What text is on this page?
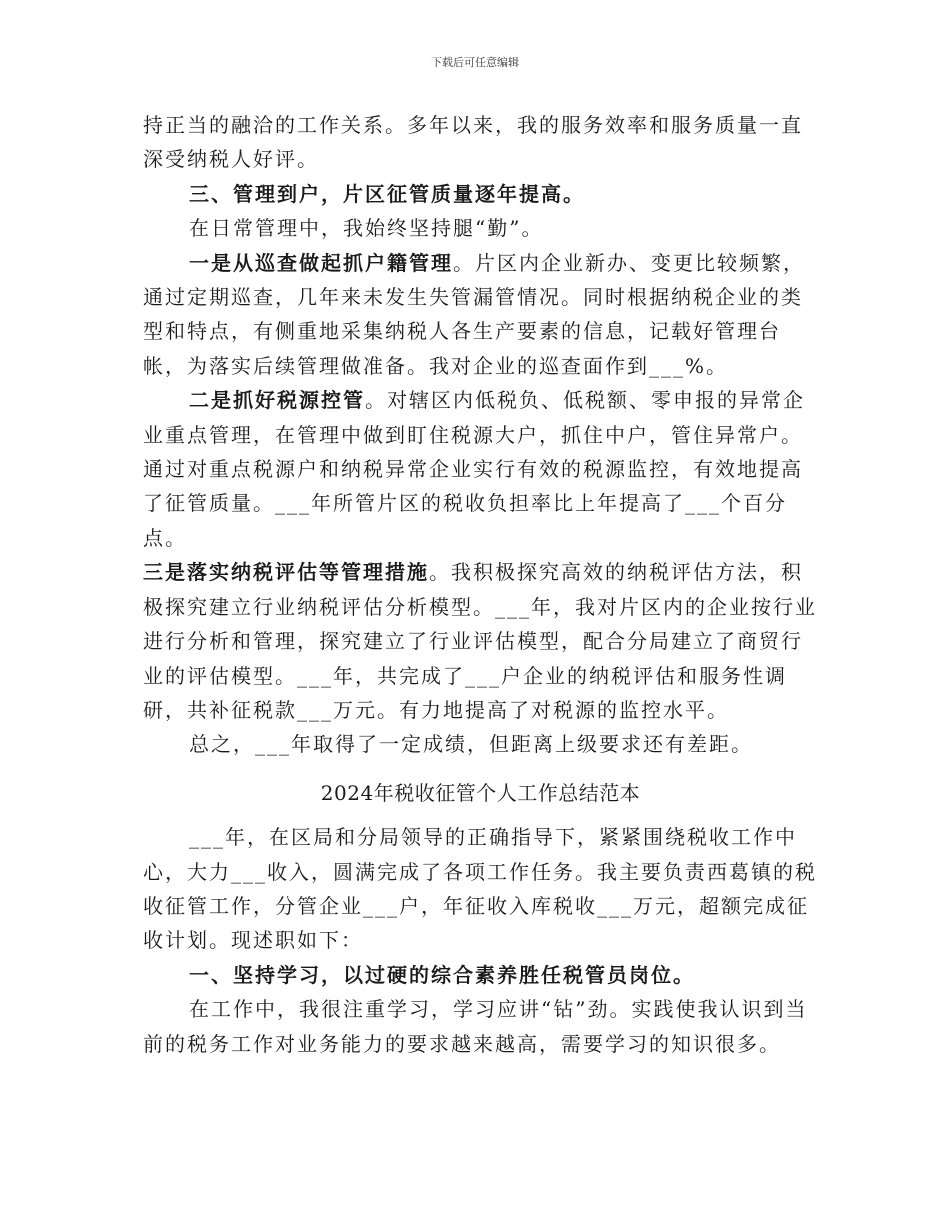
下载后可任意编辑

持正当的融洽的工作关系。多年以来，我的服务效率和服务质量一直深受纳税人好评。

三、管理到户，片区征管质量逐年提高。

在日常管理中，我始终坚持腿“勤”。

一是从巡查做起抓户籍管理。片区内企业新办、变更比较频繁，通过定期巡查，几年来未发生失管漏管情况。同时根据纳税企业的类型和特点，有侧重地采集纳税人各生产要素的信息，记载好管理台帐，为落实后续管理做准备。我对企业的巡查面作到___%。

二是抓好税源控管。对辖区内低税负、低税额、零申报的异常企业重点管理，在管理中做到盯住税源大户，抓住中户，管住异常户。通过对重点税源户和纳税异常企业实行有效的税源监控，有效地提高了征管质量。___年所管片区的税收负担率比上年提高了___个百分点。

三是落实纳税评估等管理措施。我积极探究高效的纳税评估方法，积极探究建立行业纳税评估分析模型。___年，我对片区内的企业按行业进行分析和管理，探究建立了行业评估模型，配合分局建立了商贸行业的评估模型。___年，共完成了___户企业的纳税评估和服务性调研，共补征税款___万元。有力地提高了对税源的监控水平。

总之，___年取得了一定成绩，但距离上级要求还有差距。

2024年税收征管个人工作总结范本

___年，在区局和分局领导的正确指导下，紧紧围绕税收工作中心，大力___收入，圆满完成了各项工作任务。我主要负责西葛镇的税收征管工作，分管企业___户，年征收入库税收___万元，超额完成征收计划。现述职如下：

一、坚持学习，以过硬的综合素养胜任税管员岗位。

在工作中，我很注重学习，学习应讲“钻”劲。实践使我认识到当前的税务工作对业务能力的要求越来越高，需要学习的知识很多。
